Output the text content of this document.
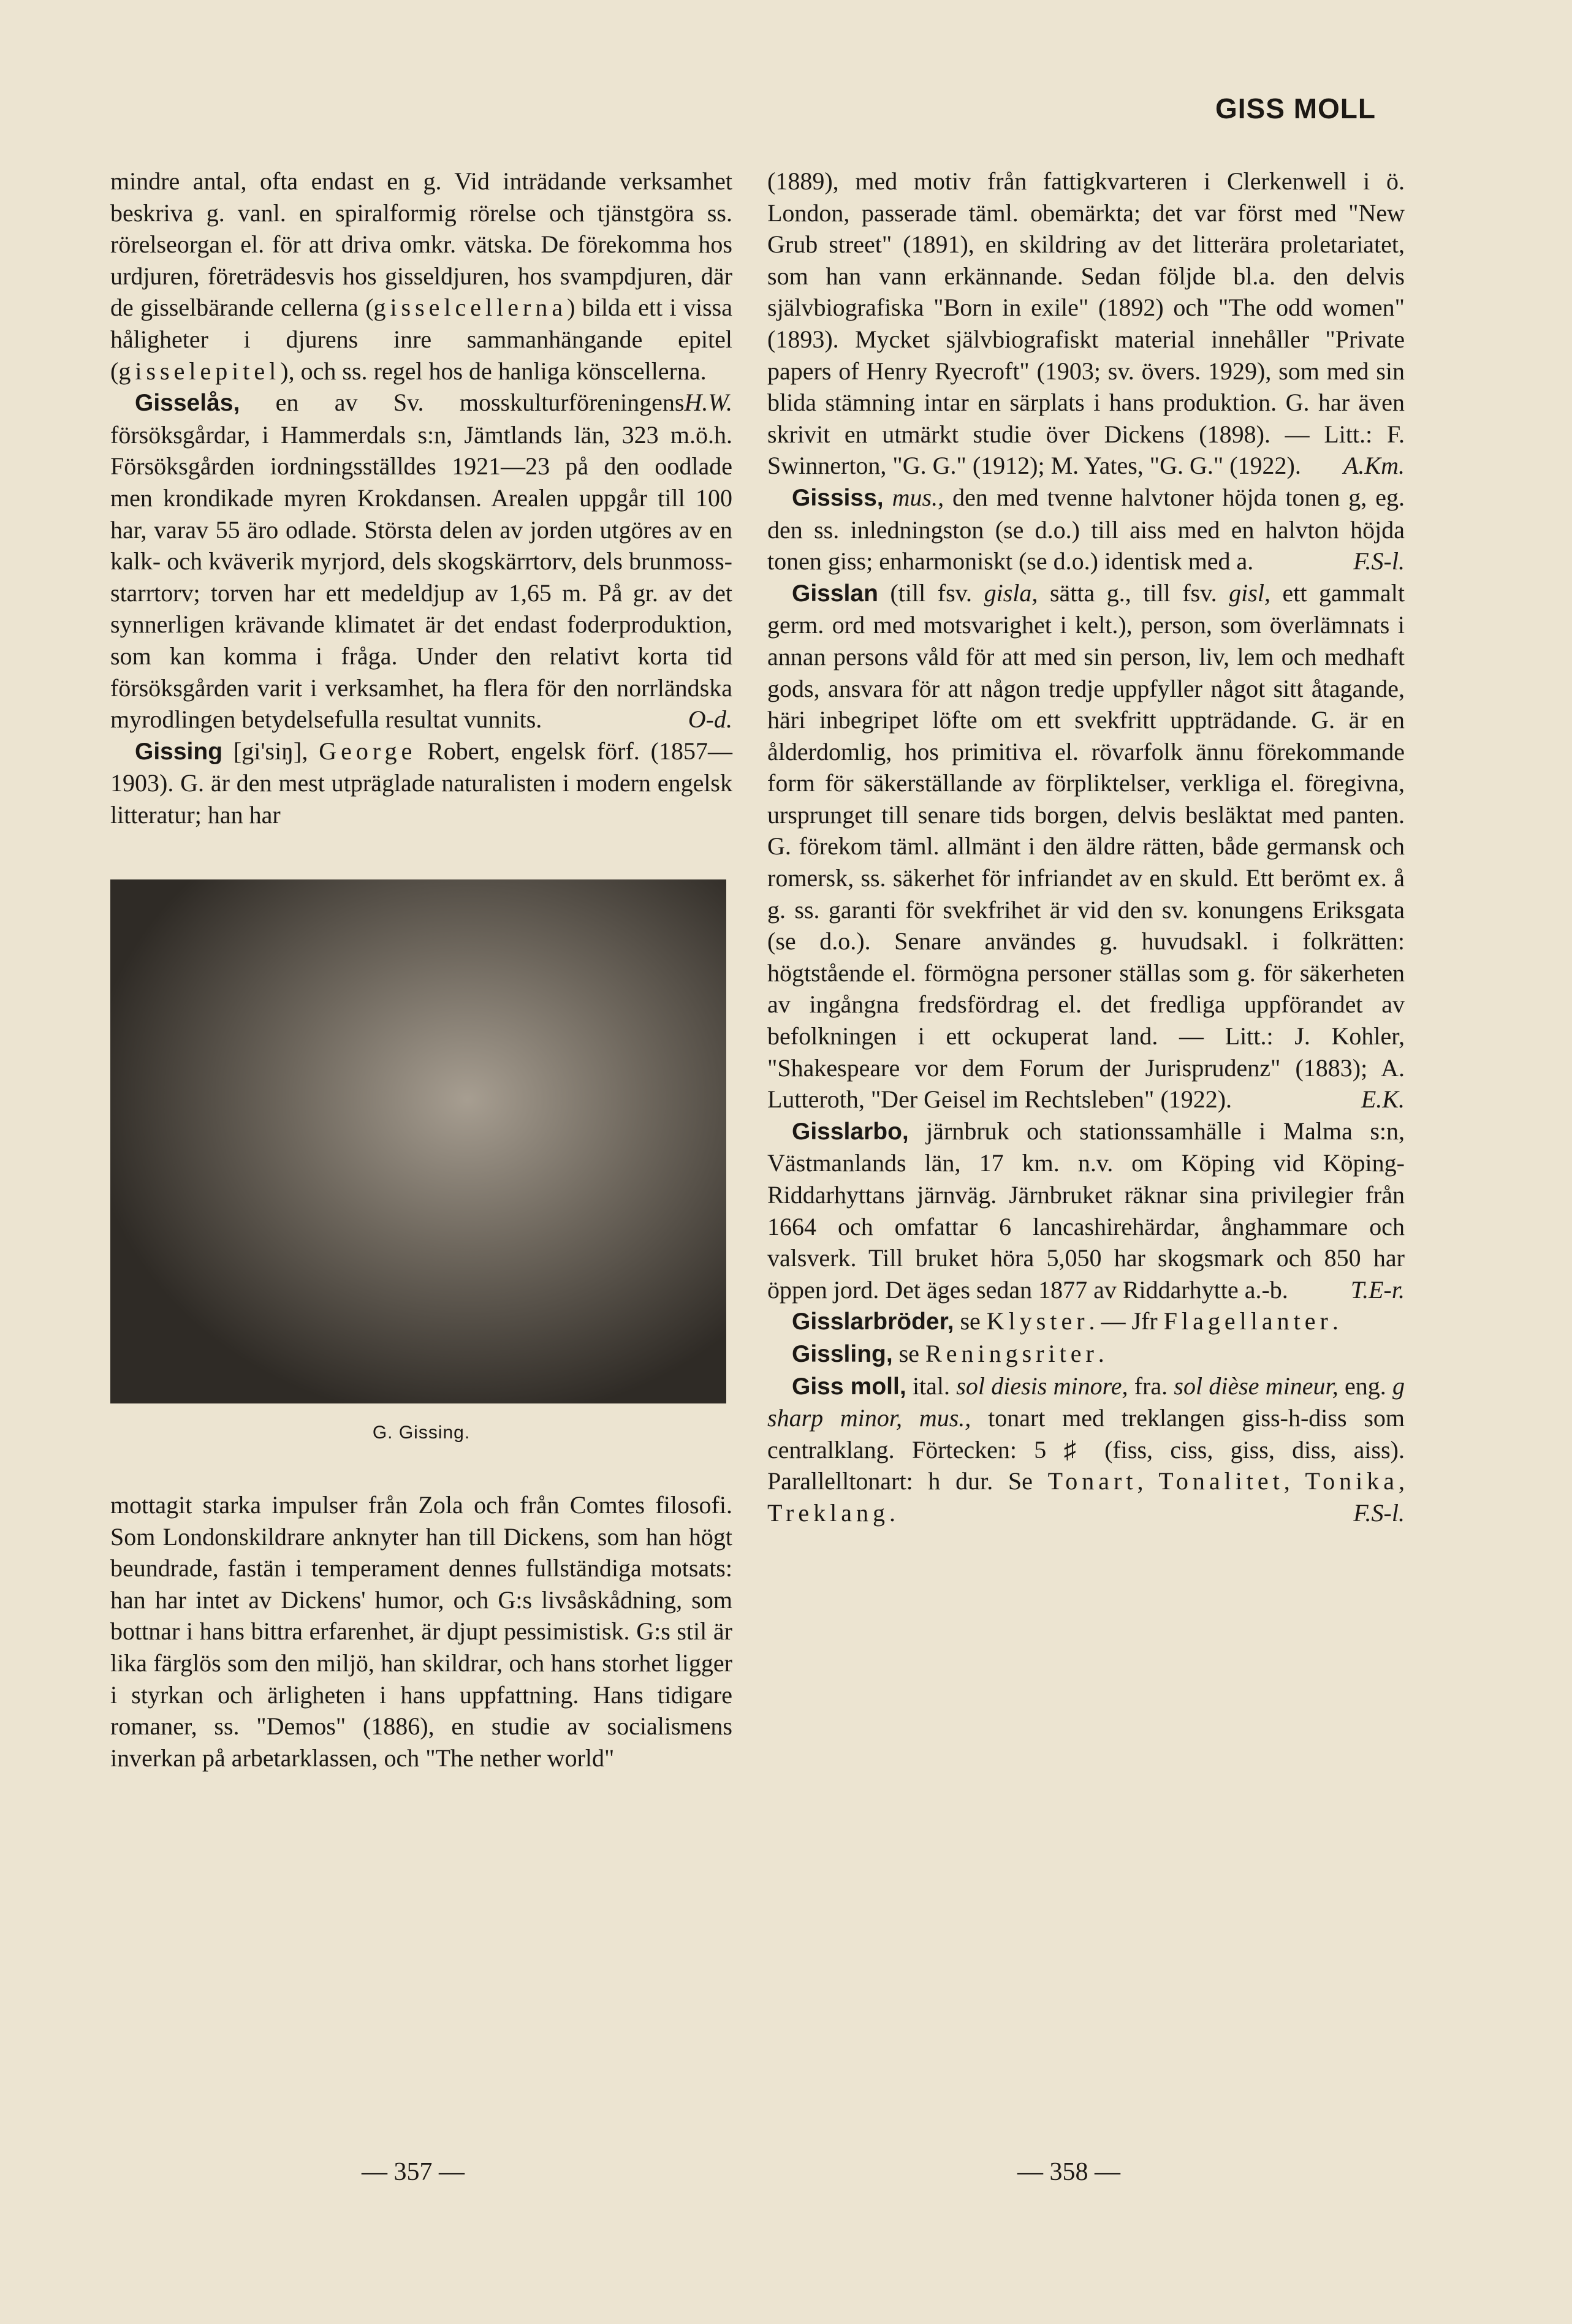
GISS MOLL

mindre antal, ofta endast en g. Vid inträdande verksamhet beskriva g. vanl. en spiralformig rörelse och tjänstgöra ss. rörelseorgan el. för att driva omkr. vätska. De förekomma hos urdjuren, företrädesvis hos gisseldjuren, hos svampdjuren, där de gisselbärande cellerna (gisselcellerna) bilda ett i vissa håligheter i djurens inre sammanhängande epitel (gisselepitel), och ss. regel hos de hanliga könscellerna.
H.W.

Gisselås, en av Sv. mosskulturföreningens försöksgårdar, i Hammerdals s:n, Jämtlands län, 323 m.ö.h. Försöksgården iordningsställdes 1921—23 på den oodlade men krondikade myren Krokdansen. Arealen uppgår till 100 har, varav 55 äro odlade. Största delen av jorden utgöres av en kalk- och kväverik myrjord, dels skogskärrtorv, dels brunmoss-starrtorv; torven har ett medeldjup av 1,65 m. På gr. av det synnerligen krävande klimatet är det endast foderproduktion, som kan komma i fråga. Under den relativt korta tid försöksgården varit i verksamhet, ha flera för den norrländska myrodlingen betydelsefulla resultat vunnits.	O-d.

Gissing [gi'siŋ], George Robert, engelsk förf. (1857—1903). G. är den mest utpräglade naturalisten i modern engelsk litteratur; han har

G. Gissing.

mottagit starka impulser från Zola och från Comtes filosofi. Som Londonskildrare anknyter han till Dickens, som han högt beundrade, fastän i temperament dennes fullständiga motsats: han har intet av Dickens' humor, och G:s livsåskådning, som bottnar i hans bittra erfarenhet, är djupt pessimistisk. G:s stil är lika färglös som den miljö, han skildrar, och hans storhet ligger i styrkan och ärligheten i hans uppfattning. Hans tidigare romaner, ss. "Demos" (1886), en studie av socialismens inverkan på arbetarklassen, och "The nether world"

(1889), med motiv från fattigkvarteren i Clerkenwell i ö. London, passerade täml. obemärkta; det var först med "New Grub street" (1891), en skildring av det litterära proletariatet, som han vann erkännande. Sedan följde bl.a. den delvis självbiografiska "Born in exile" (1892) och "The odd women" (1893). Mycket självbiografiskt material innehåller "Private papers of Henry Ryecroft" (1903; sv. övers. 1929), som med sin blida stämning intar en särplats i hans produktion. G. har även skrivit en utmärkt studie över Dickens (1898). — Litt.: F. Swinnerton, "G. G." (1912); M. Yates, "G. G." (1922). A.Km.

Gississ, mus., den med tvenne halvtoner höjda tonen g, eg. den ss. inledningston (se d.o.) till aiss med en halvton höjda tonen giss; enharmoniskt (se d.o.) identisk med a.	F.S-l.

Gisslan (till fsv. gisla, sätta g., till fsv. gisl, ett gammalt germ. ord med motsvarighet i kelt.), person, som överlämnats i annan persons våld för att med sin person, liv, lem och medhaft gods, ansvara för att någon tredje uppfyller något sitt åtagande, häri inbegripet löfte om ett svekfritt uppträdande. G. är en ålderdomlig, hos primitiva el. rövarfolk ännu förekommande form för säkerställande av förpliktelser, verkliga el. föregivna, ursprunget till senare tids borgen, delvis besläktat med panten. G. förekom täml. allmänt i den äldre rätten, både germansk och romersk, ss. säkerhet för infriandet av en skuld. Ett berömt ex. å g. ss. garanti för svekfrihet är vid den sv. konungens Eriksgata (se d.o.). Senare användes g. huvudsakl. i folkrätten: högtstående el. förmögna personer ställas som g. för säkerheten av ingångna fredsfördrag el. det fredliga uppförandet av befolkningen i ett ockuperat land. — Litt.: J. Kohler, "Shakespeare vor dem Forum der Jurisprudenz" (1883); A. Lutteroth, "Der Geisel im Rechtsleben" (1922).	E.K.

Gisslarbo, järnbruk och stationssamhälle i Malma s:n, Västmanlands län, 17 km. n.v. om Köping vid Köping-Riddarhyttans järnväg. Järnbruket räknar sina privilegier från 1664 och omfattar 6 lancashirehärdar, ånghammare och valsverk. Till bruket höra 5,050 har skogsmark och 850 har öppen jord. Det äges sedan 1877 av Riddarhytte a.-b.	T.E-r.

Gisslarbröder, se Klyster. — Jfr Flagellanter.

Gissling, se Reningsriter.

Giss moll, ital. sol diesis minore, fra. sol dièse mineur, eng. g sharp minor, mus., tonart med treklangen giss-h-diss som centralklang. Förtecken: 5 ♯ (fiss, ciss, giss, diss, aiss). Parallelltonart: h dur. Se Tonart, Tonalitet, Tonika, Treklang.	F.S-l.

— 357 —	— 358 —
